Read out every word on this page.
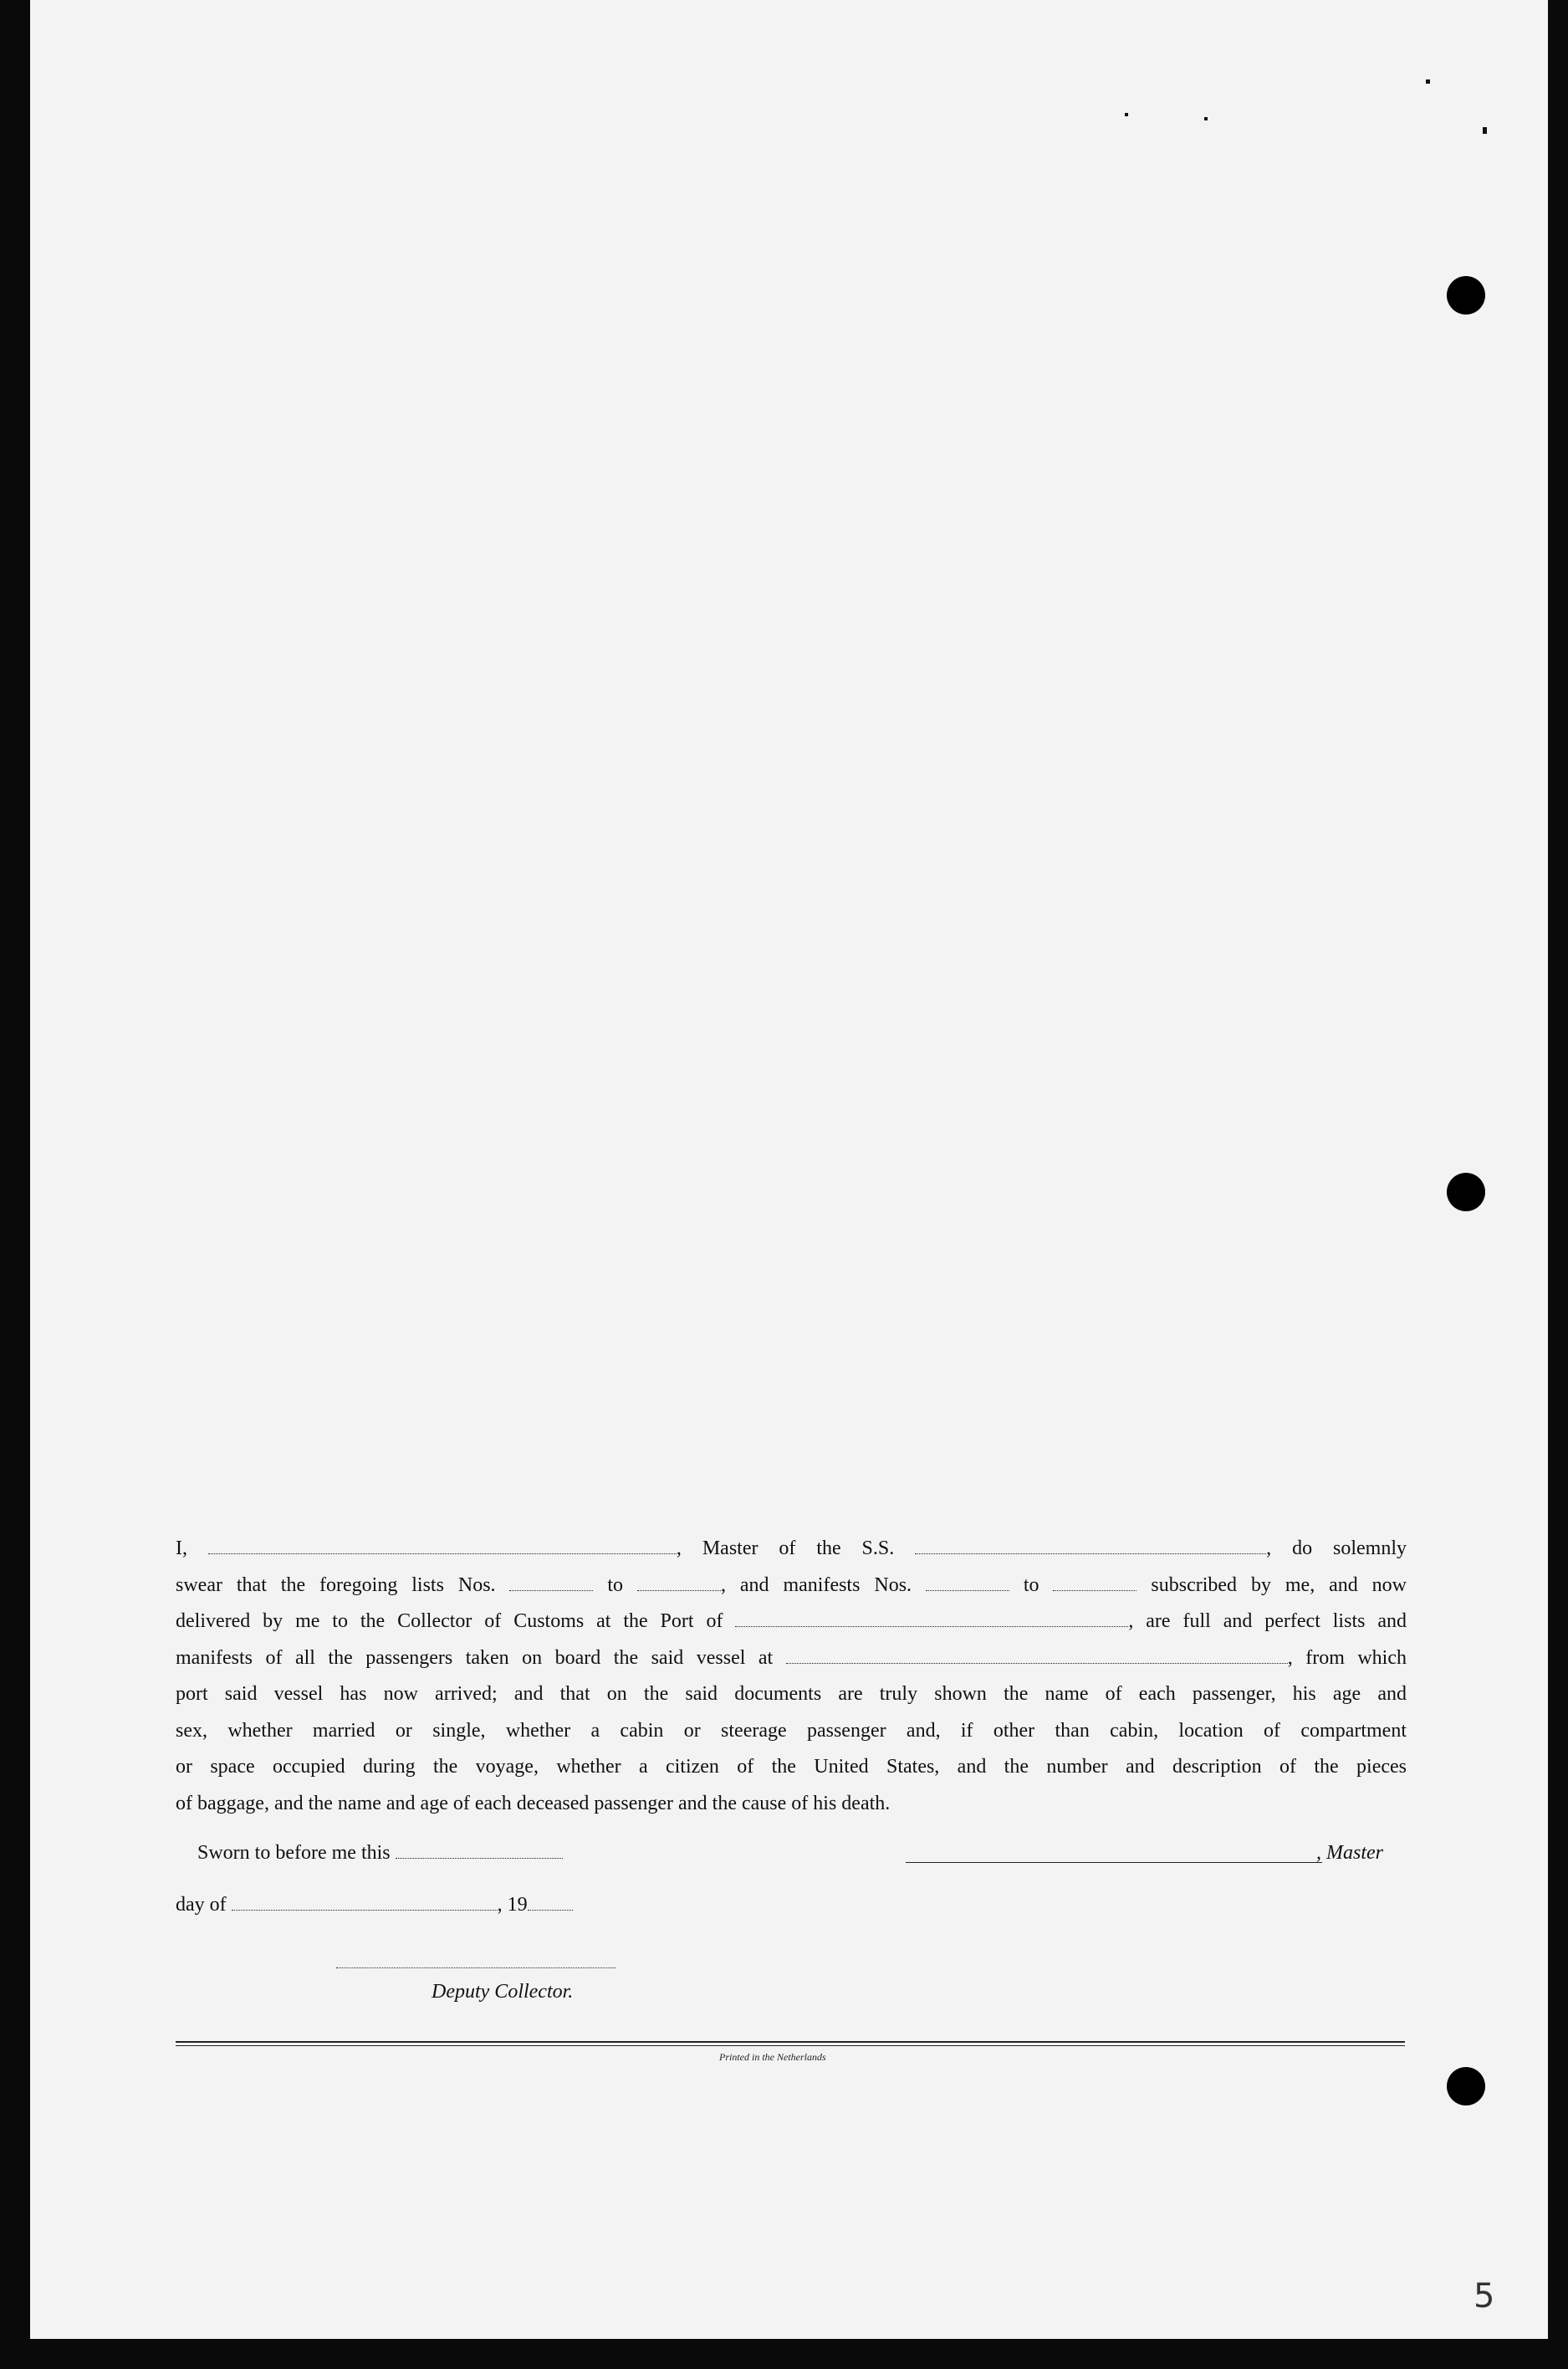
I,	, Master of the S.S.	, do solemnly
swear that the foregoing lists Nos.	to	, and manifests Nos.	to	subscribed by me, and now
delivered by me to the Collector of Customs at the Port of	, are full and perfect lists and
manifests of all the passengers taken on board the said vessel at	, from which
port said vessel has now arrived; and that on the said documents are truly shown the name of each passenger, his age and
sex, whether married or single, whether a cabin or steerage passenger and, if other than cabin, location of compartment
or space occupied during the voyage, whether a citizen of the United States, and the number and description of the pieces
of baggage, and the name and age of each deceased passenger and the cause of his death.
Sworn to before me this	, Master
day of	, 19
Deputy Collector.
Printed in the Netherlands
5
